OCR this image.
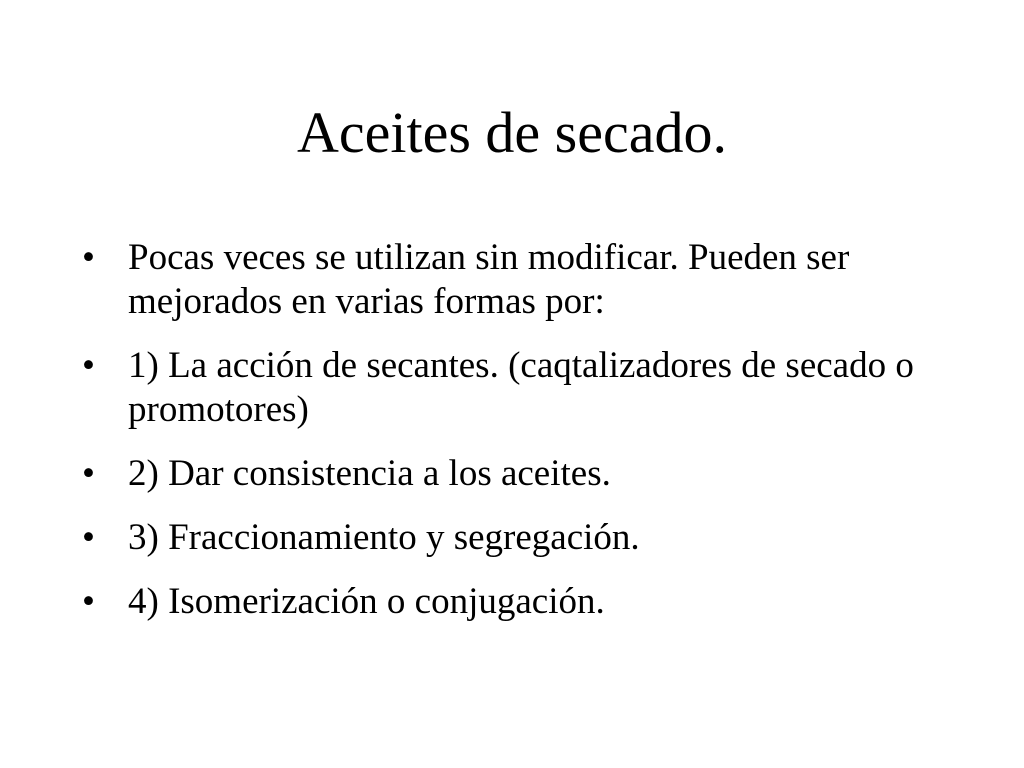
Aceites de secado.
• Pocas veces se utilizan sin modificar. Pueden ser mejorados en varias formas por:
• 1) La acción de secantes. (caqtalizadores de secado o promotores)
• 2) Dar consistencia a los aceites.
• 3) Fraccionamiento y segregación.
• 4) Isomerización o conjugación.
